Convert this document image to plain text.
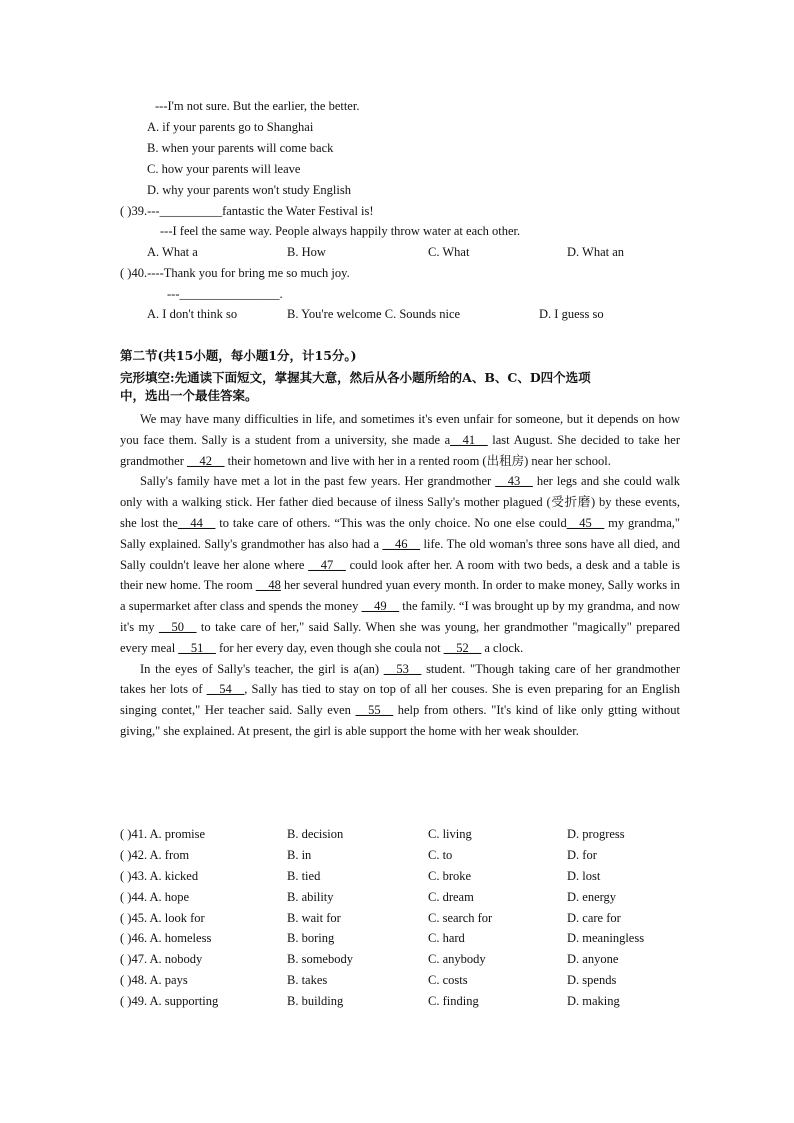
---I'm not sure. But the earlier, the better.
A. if your parents go to Shanghai
B. when your parents will come back
C. how your parents will leave
D. why your parents won't study English
( )39.---__________fantastic the Water Festival is!
---I feel the same way. People always happily throw water at each other.
A. What a	B. How	C. What	D. What an
( )40.----Thank you for bring me so much joy.
---________________.
A. I don't think so	B. You're welcome C. Sounds nice	D. I guess so
第二节(共15小题，每小题1分，计15分。)
完形填空:先通读下面短文，掌握其大意，然后从各小题所给的A、B、C、D四个选项
中，选出一个最佳答案。

We may have many difficulties in life, and sometimes it's even unfair for someone, but it depends on how you face them. Sally is a student from a university, she made a__41__ last August. She decided to take her grandmother __42__ their hometown and live with her in a rented room (出租房) near her school.

Sally's family have met a lot in the past few years. Her grandmother __43__ her legs and she could walk only with a walking stick. Her father died because of ilness Sally's mother plagued (受折磨) by these events, she lost the__44__ to take care of others. “This was the only choice. No one else could__45__ my grandma," Sally explained. Sally's grandmother has also had a __46__ life. The old woman's three sons have all died, and Sally couldn't leave her alone where __47__ could look after her. A room with two beds, a desk and a table is their new home. The room __48 her several hundred yuan every month. In order to make money, Sally works in a supermarket after class and spends the money __49__ the family. “I was brought up by my grandma, and now it's my __50__ to take care of her," said Sally. When she was young, her grandmother "magically" prepared every meal __51__ for her every day, even though she coula not __52__ a clock.

In the eyes of Sally's teacher, the girl is a(an) __53__ student. "Though taking care of her grandmother takes her lots of __54__, Sally has tied to stay on top of all her couses. She is even preparing for an English singing contet," Her teacher said. Sally even __55__ help from others. "It's kind of like only gtting without giving," she explained. At present, the girl is able support the home with her weak shoulder.

( )41. A. promise	B. decision	C. living	D. progress
( )42. A. from	B. in	C. to	D. for
( )43. A. kicked	B. tied	C. broke	D. lost
( )44. A. hope	B. ability	C. dream	D. energy
( )45. A. look for	B. wait for	C. search for	D. care for
( )46. A. homeless	B. boring	C. hard	D. meaningless
( )47. A. nobody	B. somebody	C. anybody	D. anyone
( )48. A. pays	B. takes	C. costs	D. spends
( )49. A. supporting	B. building	C. finding	D. making
